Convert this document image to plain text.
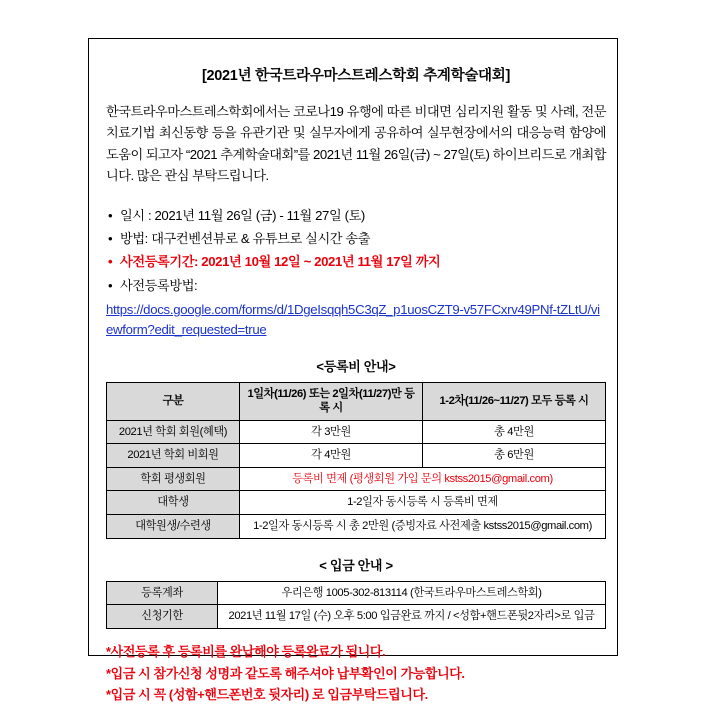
[2021년 한국트라우마스트레스학회 추계학술대회]
한국트라우마스트레스학회에서는 코로나19 유행에 따른 비대면 심리지원 활동 및 사례, 전문 치료기법 최신동향 등을 유관기관 및 실무자에게 공유하여 실무현장에서의 대응능력 함양에 도움이 되고자 “2021 추계학술대회”를 2021년 11월 26일(금) ~ 27일(토) 하이브리드로 개최합니다. 많은 관심 부탁드립니다.
• 일시 : 2021년 11월 26일 (금) - 11월 27일 (토)
• 방법: 대구컨벤션뷰로 & 유튜브로 실시간 송출
• 사전등록기간: 2021년 10월 12일 ~ 2021년 11월 17일 까지
• 사전등록방법:
https://docs.google.com/forms/d/1DgeIsqqh5C3qZ_p1uosCZT9-v57FCxrv49PNf-tZLtU/viewform?edit_requested=true
<등록비 안내>
구분	1일차(11/26) 또는 2일차(11/27)만 등록 시	1-2차(11/26~11/27) 모두 등록 시
2021년 학회 회원(혜택)	각 3만원	총 4만원
2021년 학회 비회원	각 4만원	총 6만원
학회 평생회원	등록비 면제 (평생회원 가입 문의 kstss2015@gmail.com)	
대학생	1-2일자 동시등록 시 등록비 면제	
대학원생/수련생	1-2일자 동시등록 시 총 2만원 (증빙자료 사전제출 kstss2015@gmail.com)	
< 입금 안내 >
등록계좌	우리은행 1005-302-813114 (한국트라우마스트레스학회)
신청기한	2021년 11월 17일 (수) 오후 5:00 입금완료 까지 / <성함+핸드폰뒷2자리>로 입금

*사전등록 후 등록비를 완납해야 등록완료가 됩니다.

*입금 시 참가신청 성명과 같도록 해주셔야 납부확인이 가능합니다.

*입금 시 꼭 (성함+핸드폰번호 뒷자리) 로 입금부탁드립니다.
